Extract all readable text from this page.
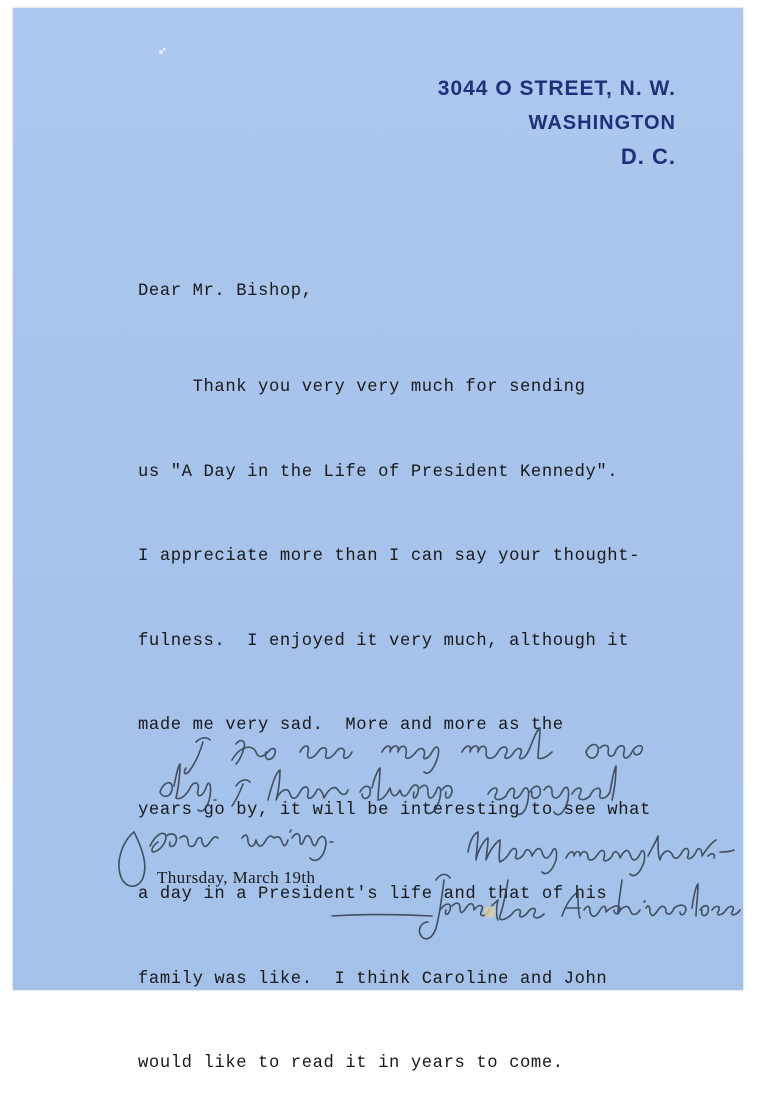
3044 O STREET, N. W.
WASHINGTON
D. C.
Dear Mr. Bishop,

Thank you very very much for sending

us "A Day in the Life of President Kennedy".

I appreciate more than I can say your thought-

fulness.  I enjoyed it very much, although it

made me very sad.  More and more as the

years go by, it will be interesting to see what

a day in a President's life and that of his

family was like.  I think Caroline and John

would like to read it in years to come.

Thursday, March 19th
